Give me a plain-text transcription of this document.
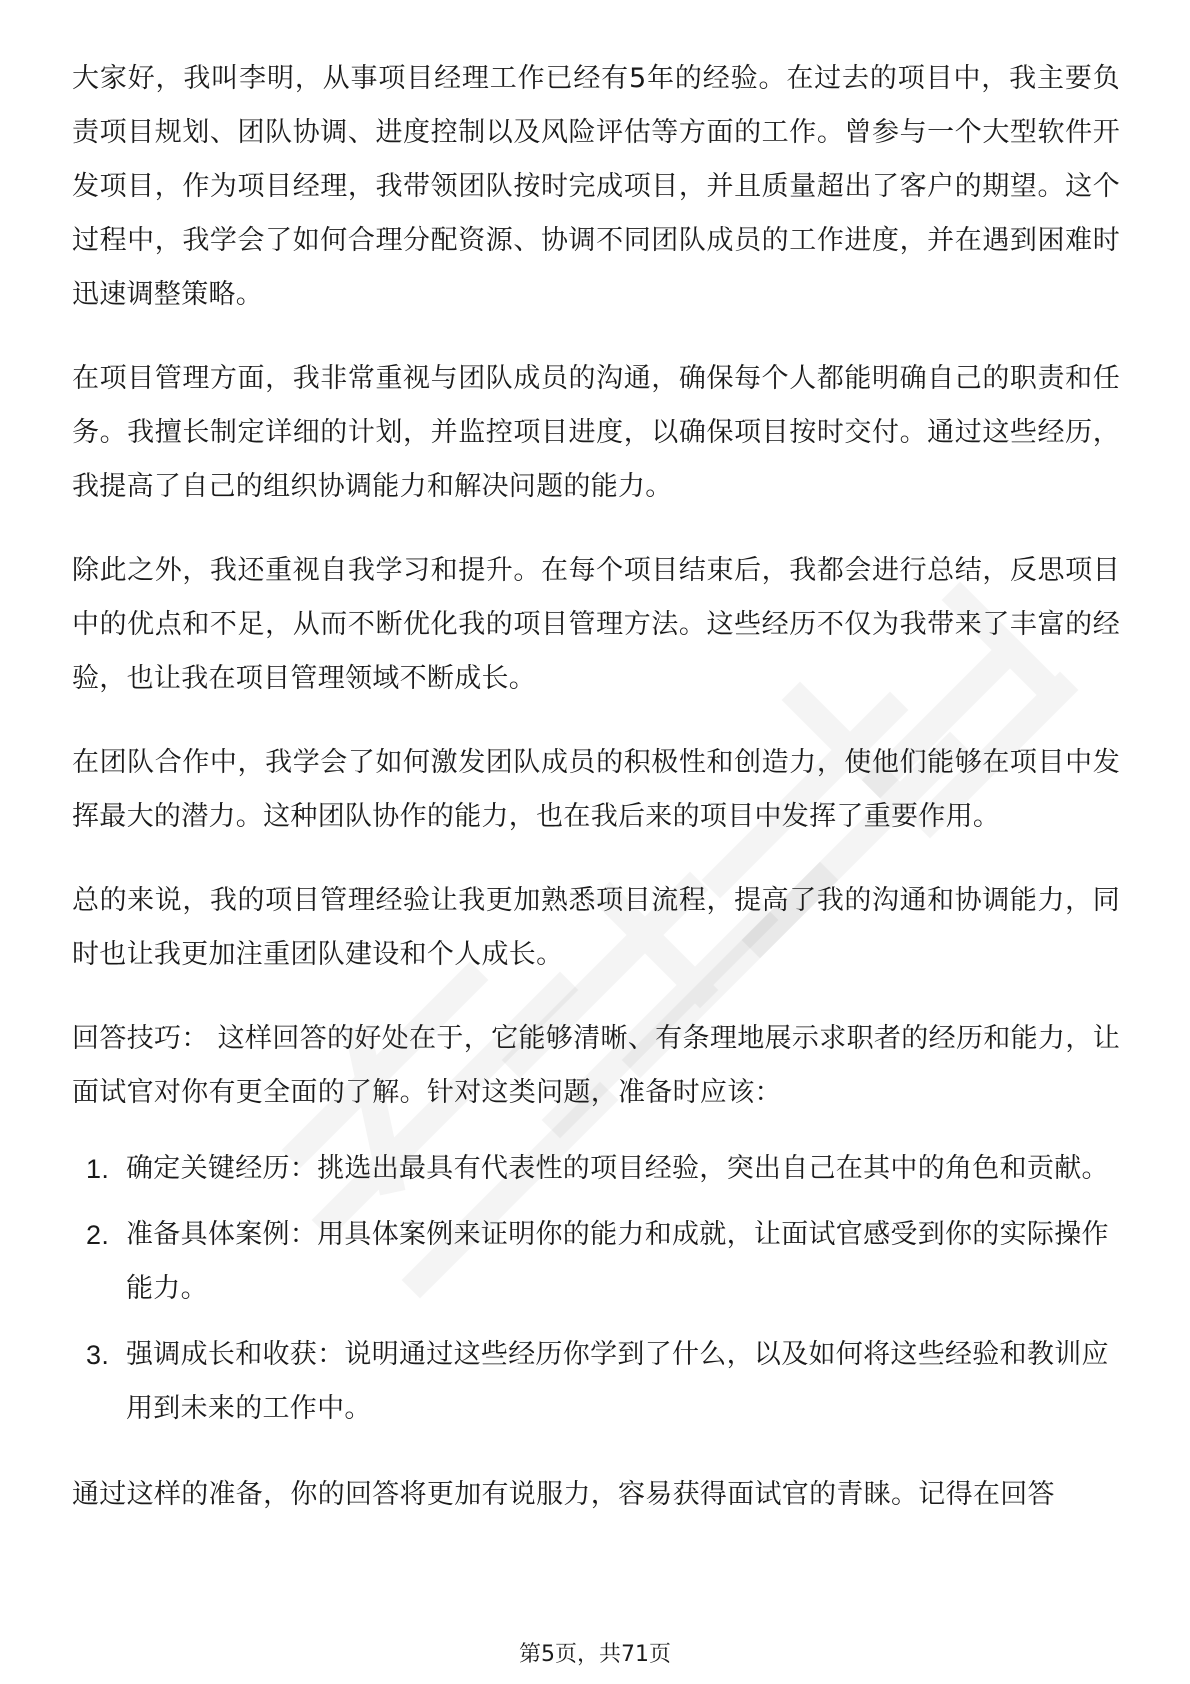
大家好，我叫李明，从事项目经理工作已经有5年的经验。在过去的项目中，我主要负责项目规划、团队协调、进度控制以及风险评估等方面的工作。曾参与一个大型软件开发项目，作为项目经理，我带领团队按时完成项目，并且质量超出了客户的期望。这个过程中，我学会了如何合理分配资源、协调不同团队成员的工作进度，并在遇到困难时迅速调整策略。

在项目管理方面，我非常重视与团队成员的沟通，确保每个人都能明确自己的职责和任务。我擅长制定详细的计划，并监控项目进度，以确保项目按时交付。通过这些经历，我提高了自己的组织协调能力和解决问题的能力。

除此之外，我还重视自我学习和提升。在每个项目结束后，我都会进行总结，反思项目中的优点和不足，从而不断优化我的项目管理方法。这些经历不仅为我带来了丰富的经验，也让我在项目管理领域不断成长。

在团队合作中，我学会了如何激发团队成员的积极性和创造力，使他们能够在项目中发挥最大的潜力。这种团队协作的能力，也在我后来的项目中发挥了重要作用。

总的来说，我的项目管理经验让我更加熟悉项目流程，提高了我的沟通和协调能力，同时也让我更加注重团队建设和个人成长。

回答技巧： 这样回答的好处在于，它能够清晰、有条理地展示求职者的经历和能力，让面试官对你有更全面的了解。针对这类问题，准备时应该：

1. 确定关键经历：挑选出最具有代表性的项目经验，突出自己在其中的角色和贡献。
2. 准备具体案例：用具体案例来证明你的能力和成就，让面试官感受到你的实际操作能力。
3. 强调成长和收获：说明通过这些经历你学到了什么，以及如何将这些经验和教训应用到未来的工作中。

通过这样的准备，你的回答将更加有说服力，容易获得面试官的青睐。记得在回答

第5页，共71页
